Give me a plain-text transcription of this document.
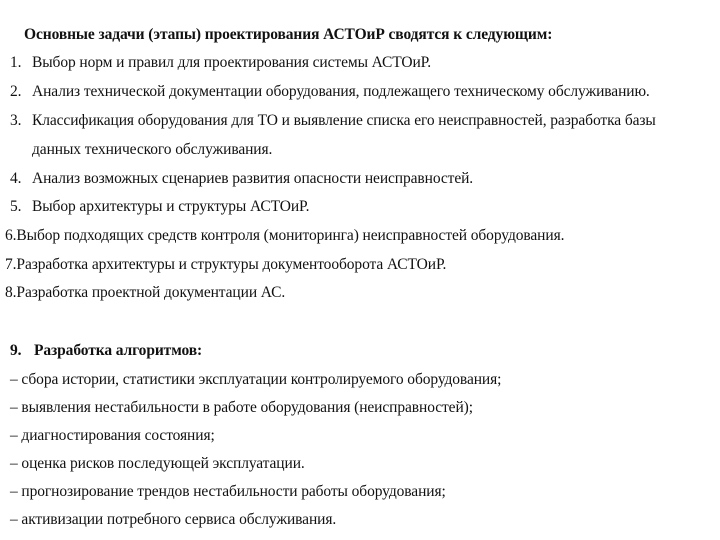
Основные задачи (этапы) проектирования АСТОиР сводятся к следующим:
1. Выбор норм и правил для проектирования системы АСТОиР.
2. Анализ технической документации оборудования, подлежащего техническому обслуживанию.
3. Классификация оборудования для ТО и выявление списка его неисправностей, разработка базы
данных технического обслуживания.
4. Анализ возможных сценариев развития опасности неисправностей.
5. Выбор архитектуры и структуры АСТОиР.
6.Выбор подходящих средств контроля (мониторинга) неисправностей оборудования.
7.Разработка архитектуры и структуры документооборота АСТОиР.
8.Разработка проектной документации АС.
9. Разработка алгоритмов:
– сбора истории, статистики эксплуатации контролируемого оборудования;
– выявления нестабильности в работе оборудования (неисправностей);
– диагностирования состояния;
– оценка рисков последующей эксплуатации.
– прогнозирование трендов нестабильности работы оборудования;
– активизации потребного сервиса обслуживания.
